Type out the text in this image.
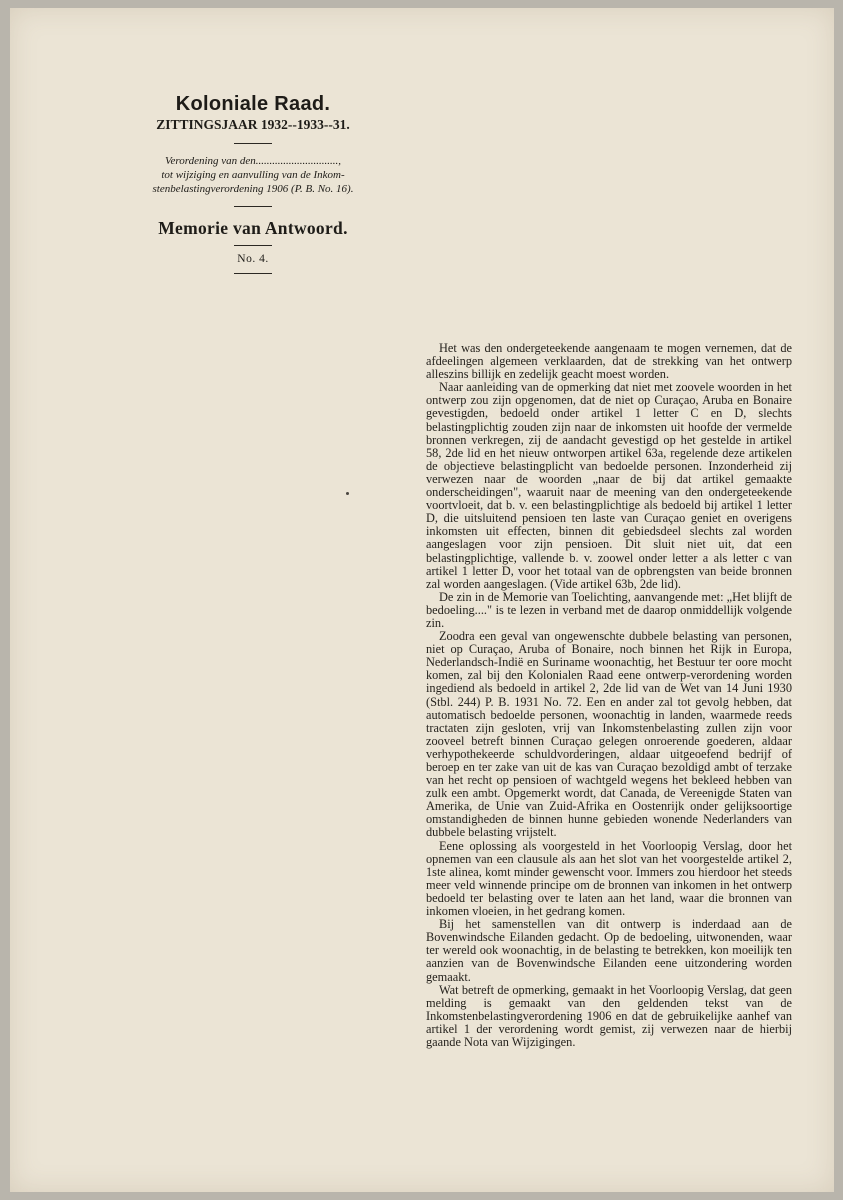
Koloniale Raad.
ZITTINGSJAAR 1932--1933--31.
Verordening van den..............................,
tot wijziging en aanvulling van de Inkom-
stenbelastingverordening 1906 (P. B. No. 16).
Memorie van Antwoord.
No. 4.

Het was den ondergeteekende aangenaam te mogen vernemen, dat de afdeelingen algemeen verklaarden, dat de strekking van het ontwerp alleszins billijk en zedelijk geacht moest worden.

Naar aanleiding van de opmerking dat niet met zoovele woorden in het ontwerp zou zijn opgenomen, dat de niet op Curaçao, Aruba en Bonaire gevestigden, bedoeld onder artikel 1 letter C en D, slechts belastingplichtig zouden zijn naar de inkomsten uit hoofde der vermelde bronnen verkregen, zij de aandacht gevestigd op het gestelde in artikel 58, 2de lid en het nieuw ontworpen artikel 63a, regelende deze artikelen de objectieve belastingplicht van bedoelde personen. Inzonderheid zij verwezen naar de woorden „naar de bij dat artikel gemaakte onderscheidingen", waaruit naar de meening van den ondergeteekende voortvloeit, dat b. v. een belastingplichtige als bedoeld bij artikel 1 letter D, die uitsluitend pensioen ten laste van Curaçao geniet en overigens inkomsten uit effecten, binnen dit gebiedsdeel slechts zal worden aangeslagen voor zijn pensioen. Dit sluit niet uit, dat een belastingplichtige, vallende b. v. zoowel onder letter a als letter c van artikel 1 letter D, voor het totaal van de opbrengsten van beide bronnen zal worden aangeslagen. (Vide artikel 63b, 2de lid).

De zin in de Memorie van Toelichting, aanvangende met: „Het blijft de bedoeling...." is te lezen in verband met de daarop onmiddellijk volgende zin.

Zoodra een geval van ongewenschte dubbele belasting van personen, niet op Curaçao, Aruba of Bonaire, noch binnen het Rijk in Europa, Nederlandsch-Indië en Suriname woonachtig, het Bestuur ter oore mocht komen, zal bij den Kolonialen Raad eene ontwerp-verordening worden ingediend als bedoeld in artikel 2, 2de lid van de Wet van 14 Juni 1930 (Stbl. 244) P. B. 1931 No. 72. Een en ander zal tot gevolg hebben, dat automatisch bedoelde personen, woonachtig in landen, waarmede reeds tractaten zijn gesloten, vrij van Inkomstenbelasting zullen zijn voor zooveel betreft binnen Curaçao gelegen onroerende goederen, aldaar verhypothekeerde schuldvorderingen, aldaar uitgeoefend bedrijf of beroep en ter zake van uit de kas van Curaçao bezoldigd ambt of terzake van het recht op pensioen of wachtgeld wegens het bekleed hebben van zulk een ambt. Opgemerkt wordt, dat Canada, de Vereenigde Staten van Amerika, de Unie van Zuid-Afrika en Oostenrijk onder gelijksoortige omstandigheden de binnen hunne gebieden wonende Nederlanders van dubbele belasting vrijstelt.

Eene oplossing als voorgesteld in het Voorloopig Verslag, door het opnemen van een clausule als aan het slot van het voorgestelde artikel 2, 1ste alinea, komt minder gewenscht voor. Immers zou hierdoor het steeds meer veld winnende principe om de bronnen van inkomen in het ontwerp bedoeld ter belasting over te laten aan het land, waar die bronnen van inkomen vloeien, in het gedrang komen.

Bij het samenstellen van dit ontwerp is inderdaad aan de Bovenwindsche Eilanden gedacht. Op de bedoeling, uitwonenden, waar ter wereld ook woonachtig, in de belasting te betrekken, kon moeilijk ten aanzien van de Bovenwindsche Eilanden eene uitzondering worden gemaakt.

Wat betreft de opmerking, gemaakt in het Voorloopig Verslag, dat geen melding is gemaakt van den geldenden tekst van de Inkomstenbelastingverordening 1906 en dat de gebruikelijke aanhef van artikel 1 der verordening wordt gemist, zij verwezen naar de hierbij gaande Nota van Wijzigingen.
